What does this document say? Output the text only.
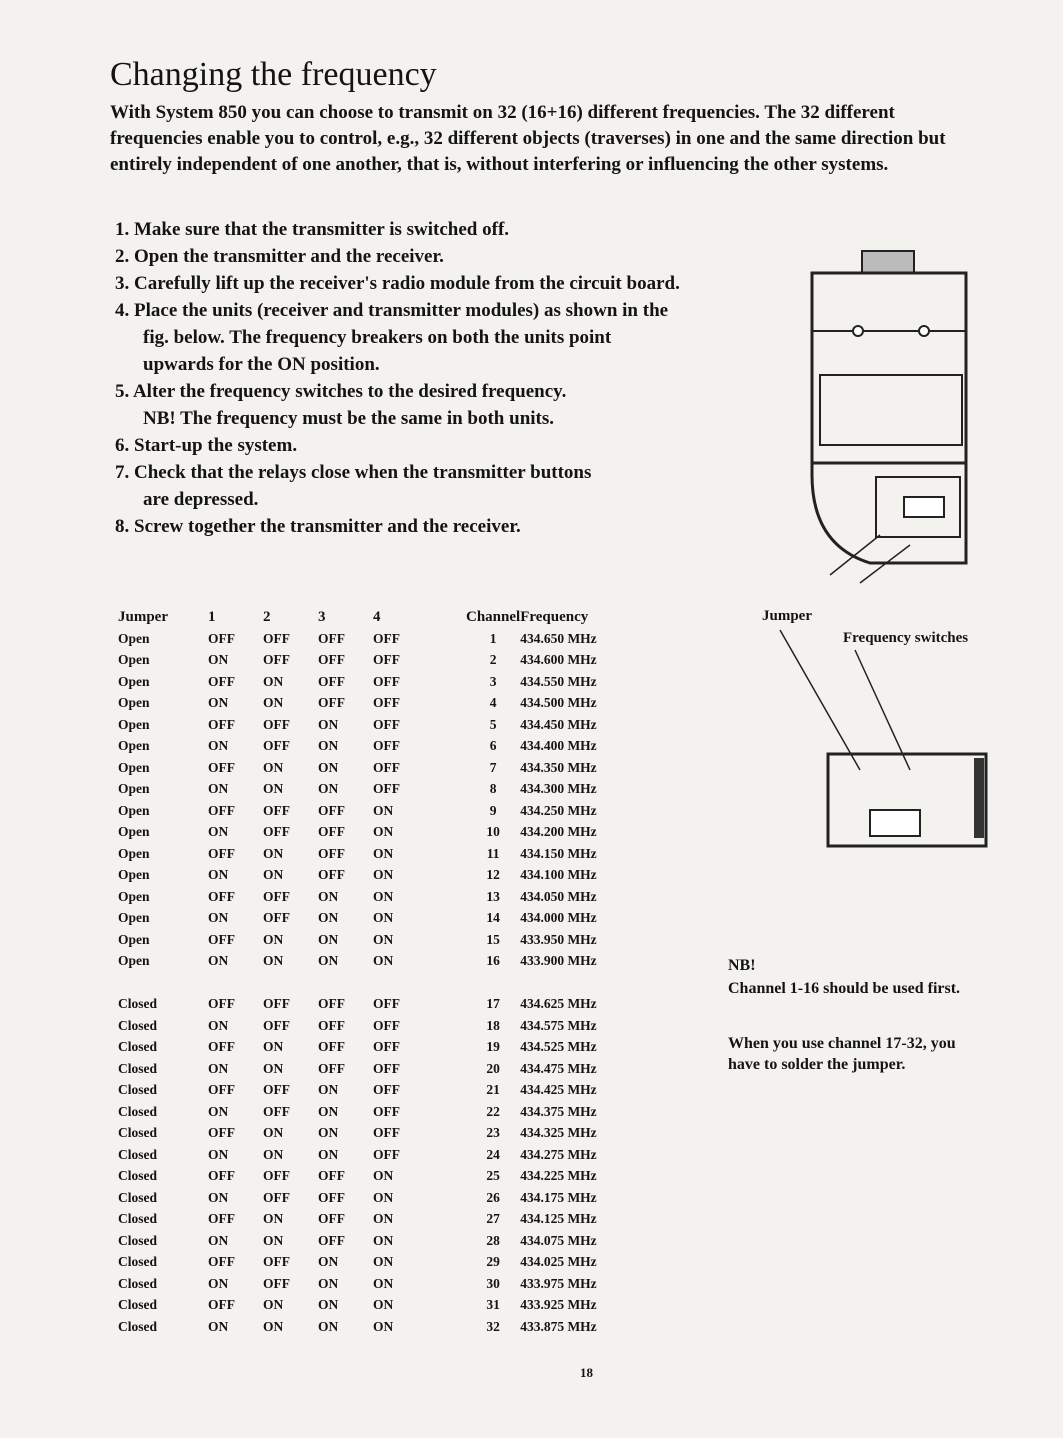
Changing the frequency

With System 850 you can choose to transmit on 32 (16+16) different frequencies. The 32 different frequencies enable you to control, e.g., 32 different objects (traverses) in one and the same direction but entirely independent of one another, that is, without interfering or influencing the other systems.

1. Make sure that the transmitter is switched off.
2. Open the transmitter and the receiver.
3. Carefully lift up the receiver's radio module from the circuit board.
4. Place the units (receiver and transmitter modules) as shown in the
fig. below. The frequency breakers on both the units point
upwards for the ON position.
5. Alter the frequency switches to the desired frequency.
NB! The frequency must be the same in both units.
6. Start-up the system.
7. Check that the relays close when the transmitter buttons
are depressed.
8. Screw together the transmitter and the receiver.
Jumper
Frequency switches
Jumper	1	2	3	4		Channel	Frequency
Open	OFF	OFF	OFF	OFF		1	434.650 MHz
Open	ON	OFF	OFF	OFF		2	434.600 MHz
Open	OFF	ON	OFF	OFF		3	434.550 MHz
Open	ON	ON	OFF	OFF		4	434.500 MHz
Open	OFF	OFF	ON	OFF		5	434.450 MHz
Open	ON	OFF	ON	OFF		6	434.400 MHz
Open	OFF	ON	ON	OFF		7	434.350 MHz
Open	ON	ON	ON	OFF		8	434.300 MHz
Open	OFF	OFF	OFF	ON		9	434.250 MHz
Open	ON	OFF	OFF	ON		10	434.200 MHz
Open	OFF	ON	OFF	ON		11	434.150 MHz
Open	ON	ON	OFF	ON		12	434.100 MHz
Open	OFF	OFF	ON	ON		13	434.050 MHz
Open	ON	OFF	ON	ON		14	434.000 MHz
Open	OFF	ON	ON	ON		15	433.950 MHz
Open	ON	ON	ON	ON		16	433.900 MHz

Closed	OFF	OFF	OFF	OFF		17	434.625 MHz
Closed	ON	OFF	OFF	OFF		18	434.575 MHz
Closed	OFF	ON	OFF	OFF		19	434.525 MHz
Closed	ON	ON	OFF	OFF		20	434.475 MHz
Closed	OFF	OFF	ON	OFF		21	434.425 MHz
Closed	ON	OFF	ON	OFF		22	434.375 MHz
Closed	OFF	ON	ON	OFF		23	434.325 MHz
Closed	ON	ON	ON	OFF		24	434.275 MHz
Closed	OFF	OFF	OFF	ON		25	434.225 MHz
Closed	ON	OFF	OFF	ON		26	434.175 MHz
Closed	OFF	ON	OFF	ON		27	434.125 MHz
Closed	ON	ON	OFF	ON		28	434.075 MHz
Closed	OFF	OFF	ON	ON		29	434.025 MHz
Closed	ON	OFF	ON	ON		30	433.975 MHz
Closed	OFF	ON	ON	ON		31	433.925 MHz
Closed	ON	ON	ON	ON		32	433.875 MHz

NB!

Channel 1-16 should be used first.

When you use channel 17-32, you have to solder the jumper.

18
